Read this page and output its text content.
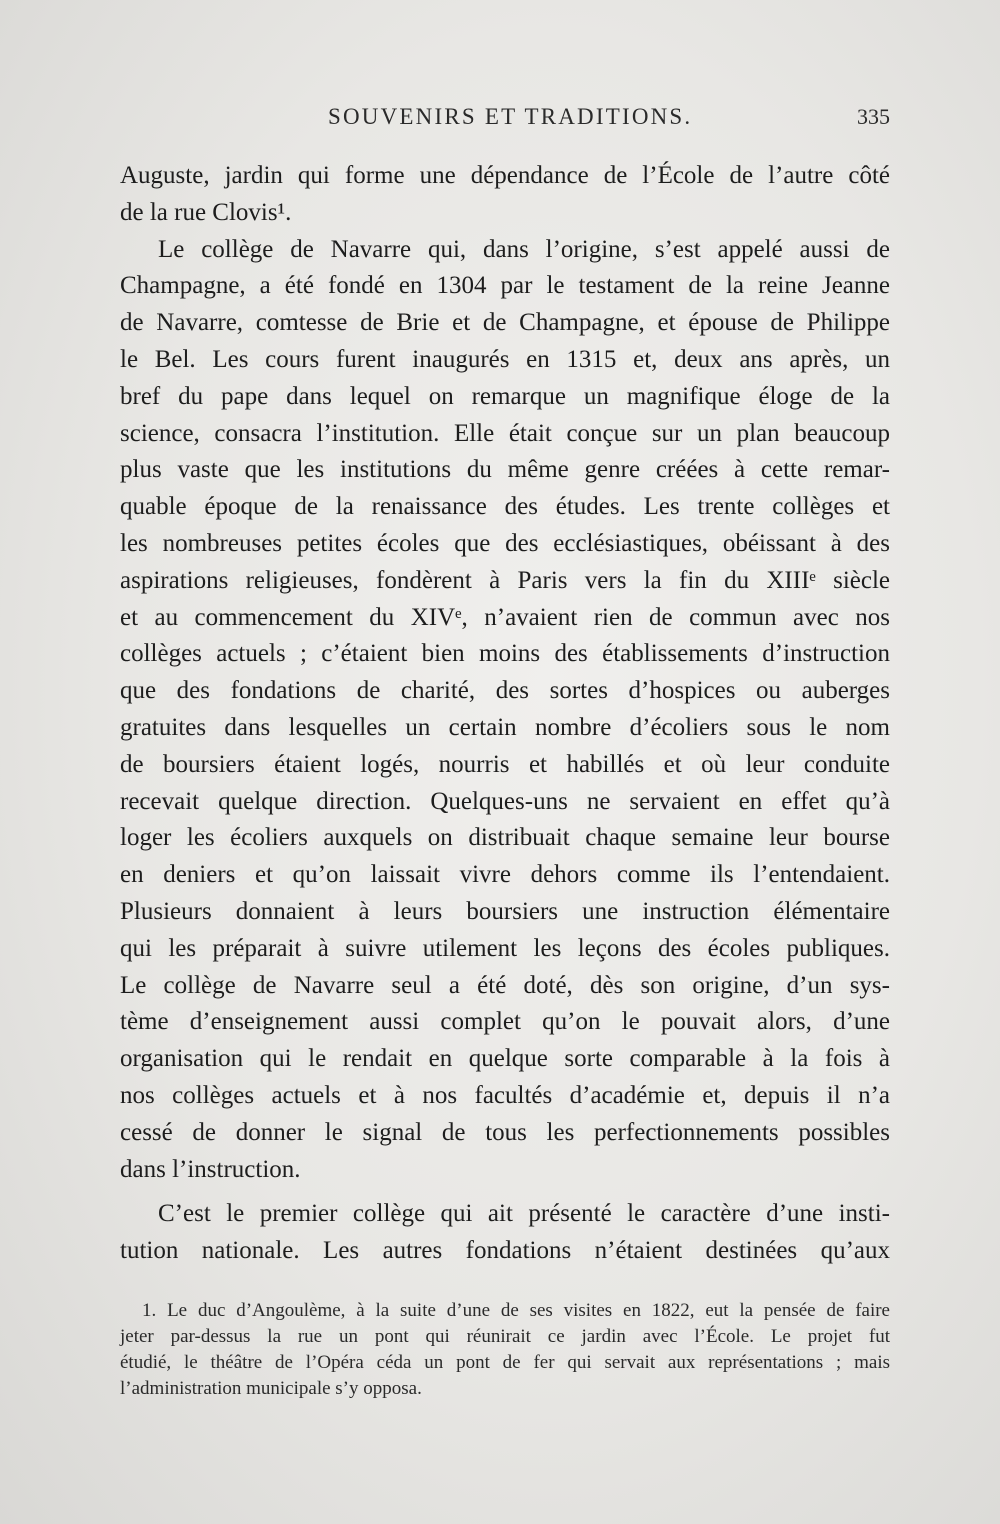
SOUVENIRS ET TRADITIONS.	335
Auguste, jardin qui forme une dépendance de l’École de l’autre côté
de la rue Clovis¹.
Le collège de Navarre qui, dans l’origine, s’est appelé aussi de
Champagne, a été fondé en 1304 par le testament de la reine Jeanne
de Navarre, comtesse de Brie et de Champagne, et épouse de Philippe
le Bel. Les cours furent inaugurés en 1315 et, deux ans après, un
bref du pape dans lequel on remarque un magnifique éloge de la
science, consacra l’institution. Elle était conçue sur un plan beaucoup
plus vaste que les institutions du même genre créées à cette remar-
quable époque de la renaissance des études. Les trente collèges et
les nombreuses petites écoles que des ecclésiastiques, obéissant à des
aspirations religieuses, fondèrent à Paris vers la fin du XIIIᵉ siècle
et au commencement du XIVᵉ, n’avaient rien de commun avec nos
collèges actuels ; c’étaient bien moins des établissements d’instruction
que des fondations de charité, des sortes d’hospices ou auberges
gratuites dans lesquelles un certain nombre d’écoliers sous le nom
de boursiers étaient logés, nourris et habillés et où leur conduite
recevait quelque direction. Quelques-uns ne servaient en effet qu’à
loger les écoliers auxquels on distribuait chaque semaine leur bourse
en deniers et qu’on laissait vivre dehors comme ils l’entendaient.
Plusieurs donnaient à leurs boursiers une instruction élémentaire
qui les préparait à suivre utilement les leçons des écoles publiques.
Le collège de Navarre seul a été doté, dès son origine, d’un sys-
tème d’enseignement aussi complet qu’on le pouvait alors, d’une
organisation qui le rendait en quelque sorte comparable à la fois à
nos collèges actuels et à nos facultés d’académie et, depuis il n’a
cessé de donner le signal de tous les perfectionnements possibles
dans l’instruction.
C’est le premier collège qui ait présenté le caractère d’une insti-
tution nationale. Les autres fondations n’étaient destinées qu’aux
1. Le duc d’Angoulème, à la suite d’une de ses visites en 1822, eut la pensée de faire
jeter par-dessus la rue un pont qui réunirait ce jardin avec l’École. Le projet fut
étudié, le théâtre de l’Opéra céda un pont de fer qui servait aux représentations ; mais
l’administration municipale s’y opposa.
